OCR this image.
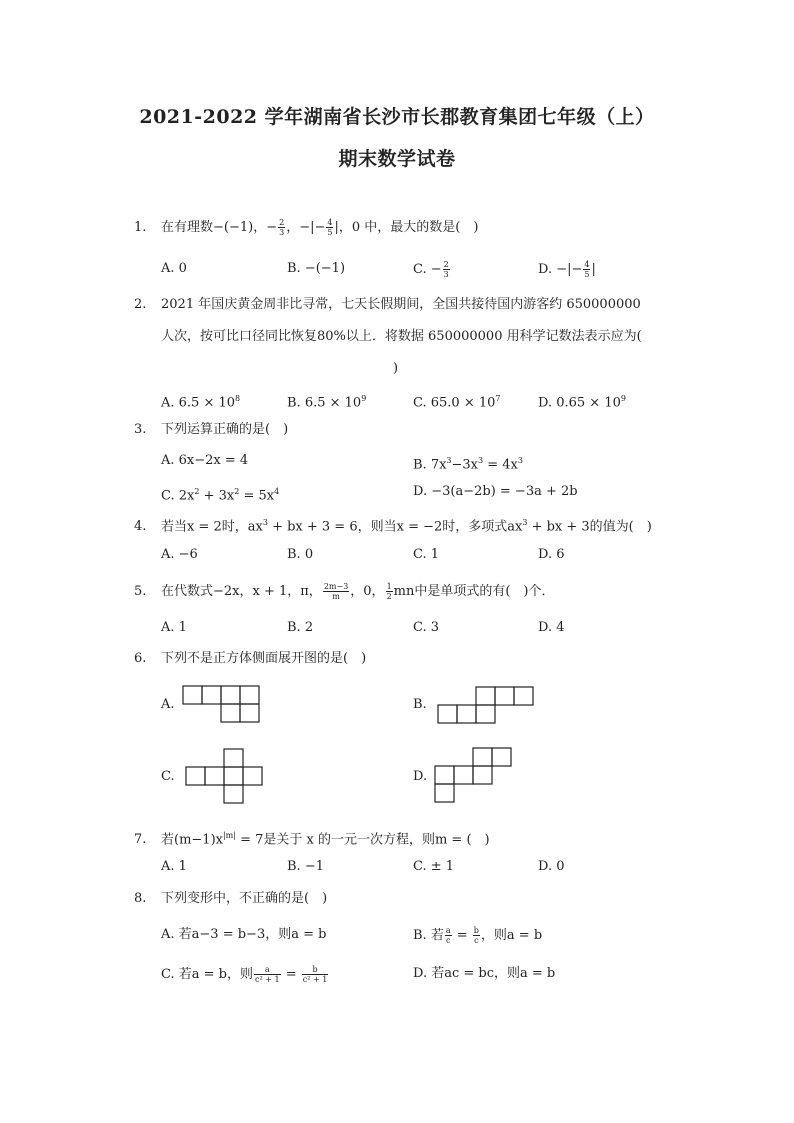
2021-2022 学年湖南省长沙市长郡教育集团七年级（上）
期末数学试卷
1. 在有理数−(−1)，− $\frac{2}{3}$ ，−|− $\frac{4}{5}$ |，0 中，最大的数是(　)
A. 0	B. −(−1)	C. − $\frac{2}{3}$	D. −|− $\frac{4}{5}$ |
2. 2021 年国庆黄金周非比寻常，七天长假期间，全国共接待国内游客约 650000000
人次，按可比口径同比恢复80%以上．将数据 650000000 用科学记数法表示应为(
)
A. $6.5 \times 10^8$	B. $6.5 \times 10^9$	C. $65.0 \times 10^7$	D. $0.65 \times 10^9$
3. 下列运算正确的是(　)
A. 6x−2x = 4	B. $7x^3-3x^3 = 4x^3$
C. $2x^2 + 3x^2 = 5x^4$	D. −3(a−2b) = −3a + 2b
4. 若当x = 2时，$ax^3$ + bx + 3 = 6，则当x = −2时，多项式$ax^3$ + bx + 3的值为(　)
A. −6	B. 0	C. 1	D. 6
5. 在代数式−2x，x + 1，π， $\frac{2m-3}{m}$ ，0， $\frac{1}{2}$ mn中是单项式的有(　)个．
A. 1	B. 2	C. 3	D. 4
6. 下列不是正方体侧面展开图的是(　)
A.	B.
C.	D.
7. 若$(m-1)x^{|m|} = 7$是关于 x 的一元一次方程，则m = (　)
A. 1	B. −1	C. ± 1	D. 0
8. 下列变形中，不正确的是(　)
A. 若a−3 = b−3，则a = b	B. 若 $\frac{a}{c} = \frac{b}{c}$ ，则a = b
C. 若a = b，则 $\frac{a}{\text{c² + 1}} = \frac{b}{\text{c² + 1}}$	D. 若ac = bc，则a = b
